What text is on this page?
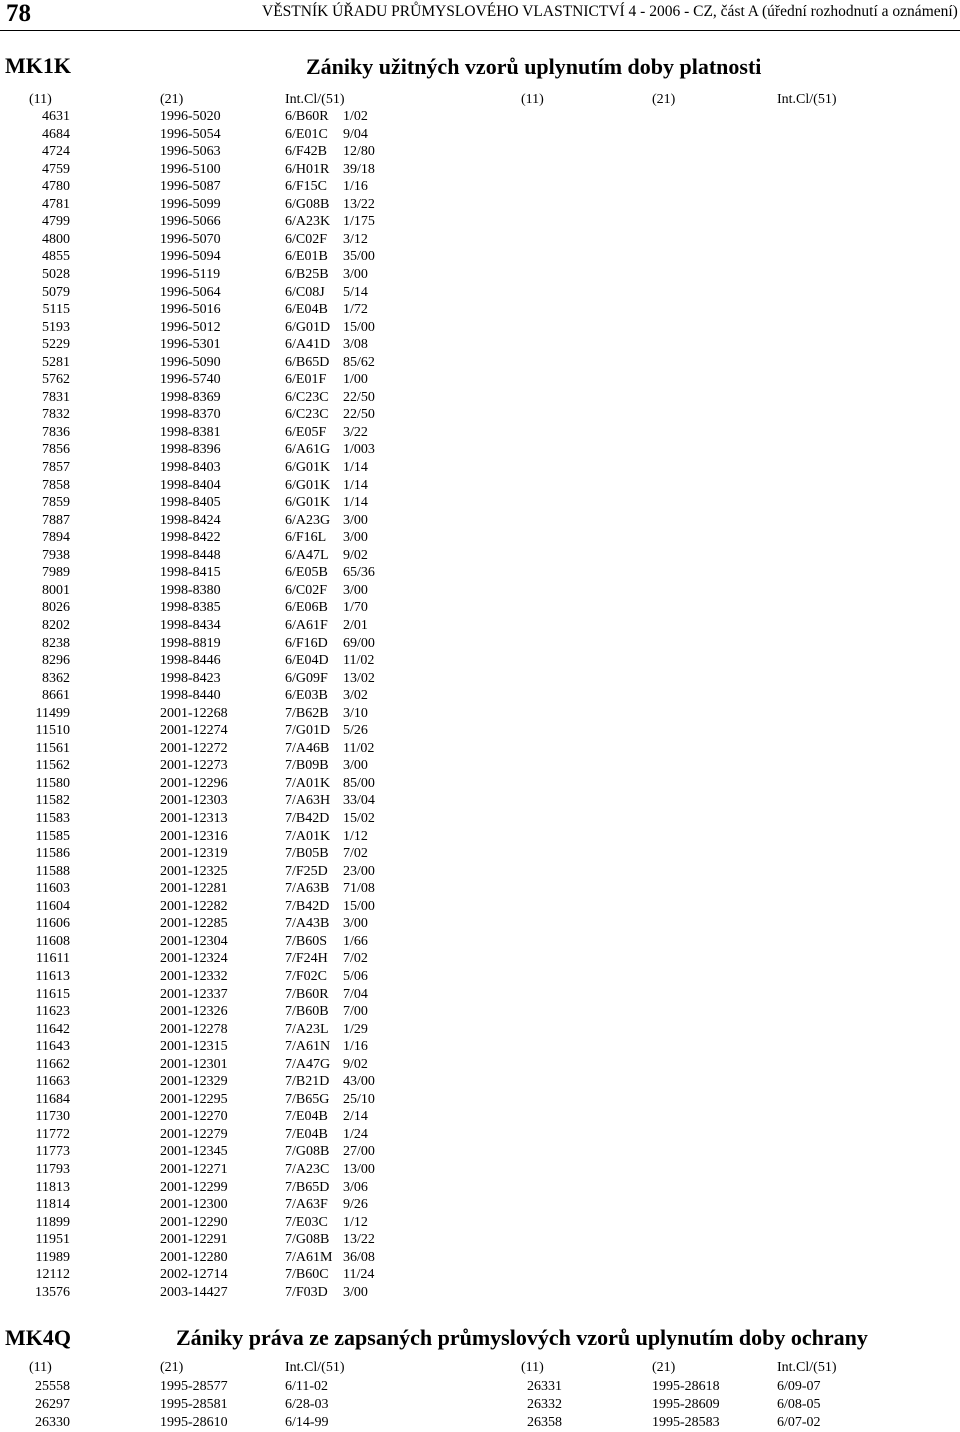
78	VĚSTNÍK ÚŘADU PRŮMYSLOVÉHO VLASTNICTVÍ 4 - 2006 - CZ, část A (úřední rozhodnutí a oznámení)
MK1K	Zániky užitných vzorů uplynutím doby platnosti
(11)	(21)	Int.Cl/(51)	(11)	(21)	Int.Cl/(51)
4631	1996-5020	6/B60R 1/02
4684	1996-5054	6/E01C 9/04
4724	1996-5063	6/F42B 12/80
4759	1996-5100	6/H01R 39/18
4780	1996-5087	6/F15C 1/16
4781	1996-5099	6/G08B 13/22
4799	1996-5066	6/A23K 1/175
4800	1996-5070	6/C02F 3/12
4855	1996-5094	6/E01B 35/00
5028	1996-5119	6/B25B 3/00
5079	1996-5064	6/C08J 5/14
5115	1996-5016	6/E04B 1/72
5193	1996-5012	6/G01D 15/00
5229	1996-5301	6/A41D 3/08
5281	1996-5090	6/B65D 85/62
5762	1996-5740	6/E01F 1/00
7831	1998-8369	6/C23C 22/50
7832	1998-8370	6/C23C 22/50
7836	1998-8381	6/E05F 3/22
7856	1998-8396	6/A61G 1/003
7857	1998-8403	6/G01K 1/14
7858	1998-8404	6/G01K 1/14
7859	1998-8405	6/G01K 1/14
7887	1998-8424	6/A23G 3/00
7894	1998-8422	6/F16L 3/00
7938	1998-8448	6/A47L 9/02
7989	1998-8415	6/E05B 65/36
8001	1998-8380	6/C02F 3/00
8026	1998-8385	6/E06B 1/70
8202	1998-8434	6/A61F 2/01
8238	1998-8819	6/F16D 69/00
8296	1998-8446	6/E04D 11/02
8362	1998-8423	6/G09F 13/02
8661	1998-8440	6/E03B 3/02
11499	2001-12268	7/B62B 3/10
11510	2001-12274	7/G01D 5/26
11561	2001-12272	7/A46B 11/02
11562	2001-12273	7/B09B 3/00
11580	2001-12296	7/A01K 85/00
11582	2001-12303	7/A63H 33/04
11583	2001-12313	7/B42D 15/02
11585	2001-12316	7/A01K 1/12
11586	2001-12319	7/B05B 7/02
11588	2001-12325	7/F25D 23/00
11603	2001-12281	7/A63B 71/08
11604	2001-12282	7/B42D 15/00
11606	2001-12285	7/A43B 3/00
11608	2001-12304	7/B60S 1/66
11611	2001-12324	7/F24H 7/02
11613	2001-12332	7/F02C 5/06
11615	2001-12337	7/B60R 7/04
11623	2001-12326	7/B60B 7/00
11642	2001-12278	7/A23L 1/29
11643	2001-12315	7/A61N 1/16
11662	2001-12301	7/A47G 9/02
11663	2001-12329	7/B21D 43/00
11684	2001-12295	7/B65G 25/10
11730	2001-12270	7/E04B 2/14
11772	2001-12279	7/E04B 1/24
11773	2001-12345	7/G08B 27/00
11793	2001-12271	7/A23C 13/00
11813	2001-12299	7/B65D 3/06
11814	2001-12300	7/A63F 9/26
11899	2001-12290	7/E03C 1/12
11951	2001-12291	7/G08B 13/22
11989	2001-12280	7/A61M 36/08
12112	2002-12714	7/B60C 11/24
13576	2003-14427	7/F03D 3/00
MK4Q	Zániky práva ze zapsaných průmyslových vzorů uplynutím doby ochrany
(11)	(21)	Int.Cl/(51)	(11)	(21)	Int.Cl/(51)
25558	1995-28577	6/11-02
26297	1995-28581	6/28-03
26330	1995-28610	6/14-99
26331	1995-28618	6/09-07
26332	1995-28609	6/08-05
26358	1995-28583	6/07-02
